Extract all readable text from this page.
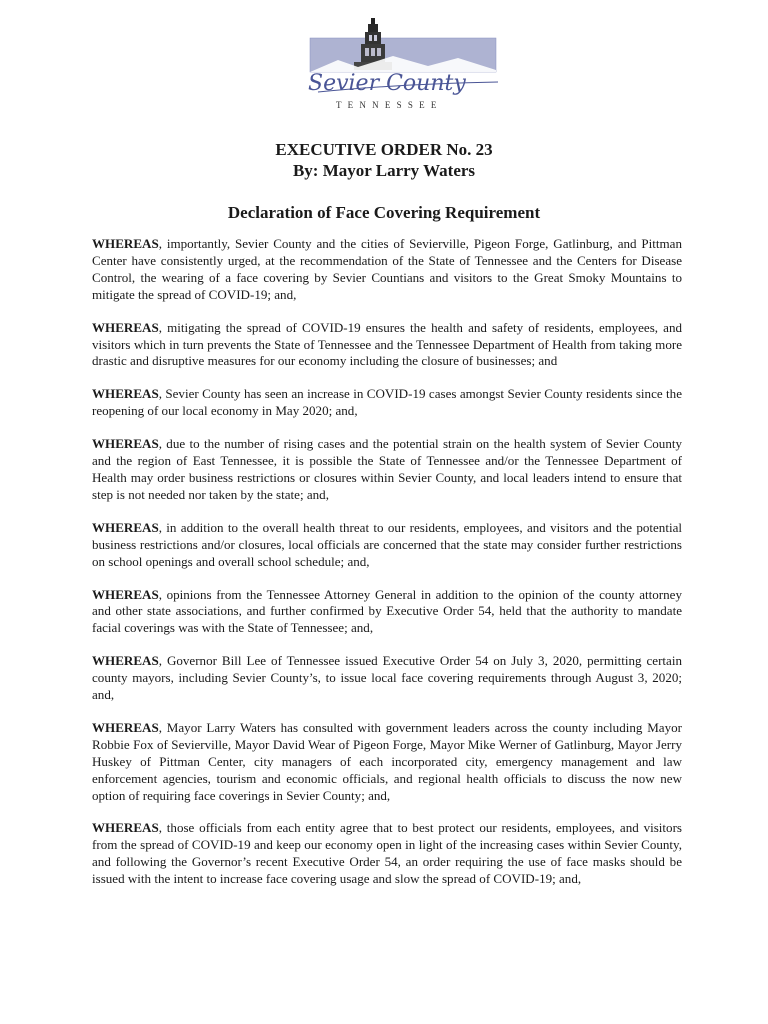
Sevier County
T E N N E S S E E
EXECUTIVE ORDER No. 23
By: Mayor Larry Waters
Declaration of Face Covering Requirement

WHEREAS, importantly, Sevier County and the cities of Sevierville, Pigeon Forge, Gatlinburg, and Pittman Center have consistently urged, at the recommendation of the State of Tennessee and the Centers for Disease Control, the wearing of a face covering by Sevier Countians and visitors to the Great Smoky Mountains to mitigate the spread of COVID-19; and,

WHEREAS, mitigating the spread of COVID-19 ensures the health and safety of residents, employees, and visitors which in turn prevents the State of Tennessee and the Tennessee Department of Health from taking more drastic and disruptive measures for our economy including the closure of businesses; and

WHEREAS, Sevier County has seen an increase in COVID-19 cases amongst Sevier County residents since the reopening of our local economy in May 2020; and,

WHEREAS, due to the number of rising cases and the potential strain on the health system of Sevier County and the region of East Tennessee, it is possible the State of Tennessee and/or the Tennessee Department of Health may order business restrictions or closures within Sevier County, and local leaders intend to ensure that step is not needed nor taken by the state; and,

WHEREAS, in addition to the overall health threat to our residents, employees, and visitors and the potential business restrictions and/or closures, local officials are concerned that the state may consider further restrictions on school openings and overall school schedule; and,

WHEREAS, opinions from the Tennessee Attorney General in addition to the opinion of the county attorney and other state associations, and further confirmed by Executive Order 54, held that the authority to mandate facial coverings was with the State of Tennessee; and,

WHEREAS, Governor Bill Lee of Tennessee issued Executive Order 54 on July 3, 2020, permitting certain county mayors, including Sevier County’s, to issue local face covering requirements through August 3, 2020; and,

WHEREAS, Mayor Larry Waters has consulted with government leaders across the county including Mayor Robbie Fox of Sevierville, Mayor David Wear of Pigeon Forge, Mayor Mike Werner of Gatlinburg, Mayor Jerry Huskey of Pittman Center, city managers of each incorporated city, emergency management and law enforcement agencies, tourism and economic officials, and regional health officials to discuss the now new option of requiring face coverings in Sevier County; and,

WHEREAS, those officials from each entity agree that to best protect our residents, employees, and visitors from the spread of COVID-19 and keep our economy open in light of the increasing cases within Sevier County, and following the Governor’s recent Executive Order 54, an order requiring the use of face masks should be issued with the intent to increase face covering usage and slow the spread of COVID-19; and,
